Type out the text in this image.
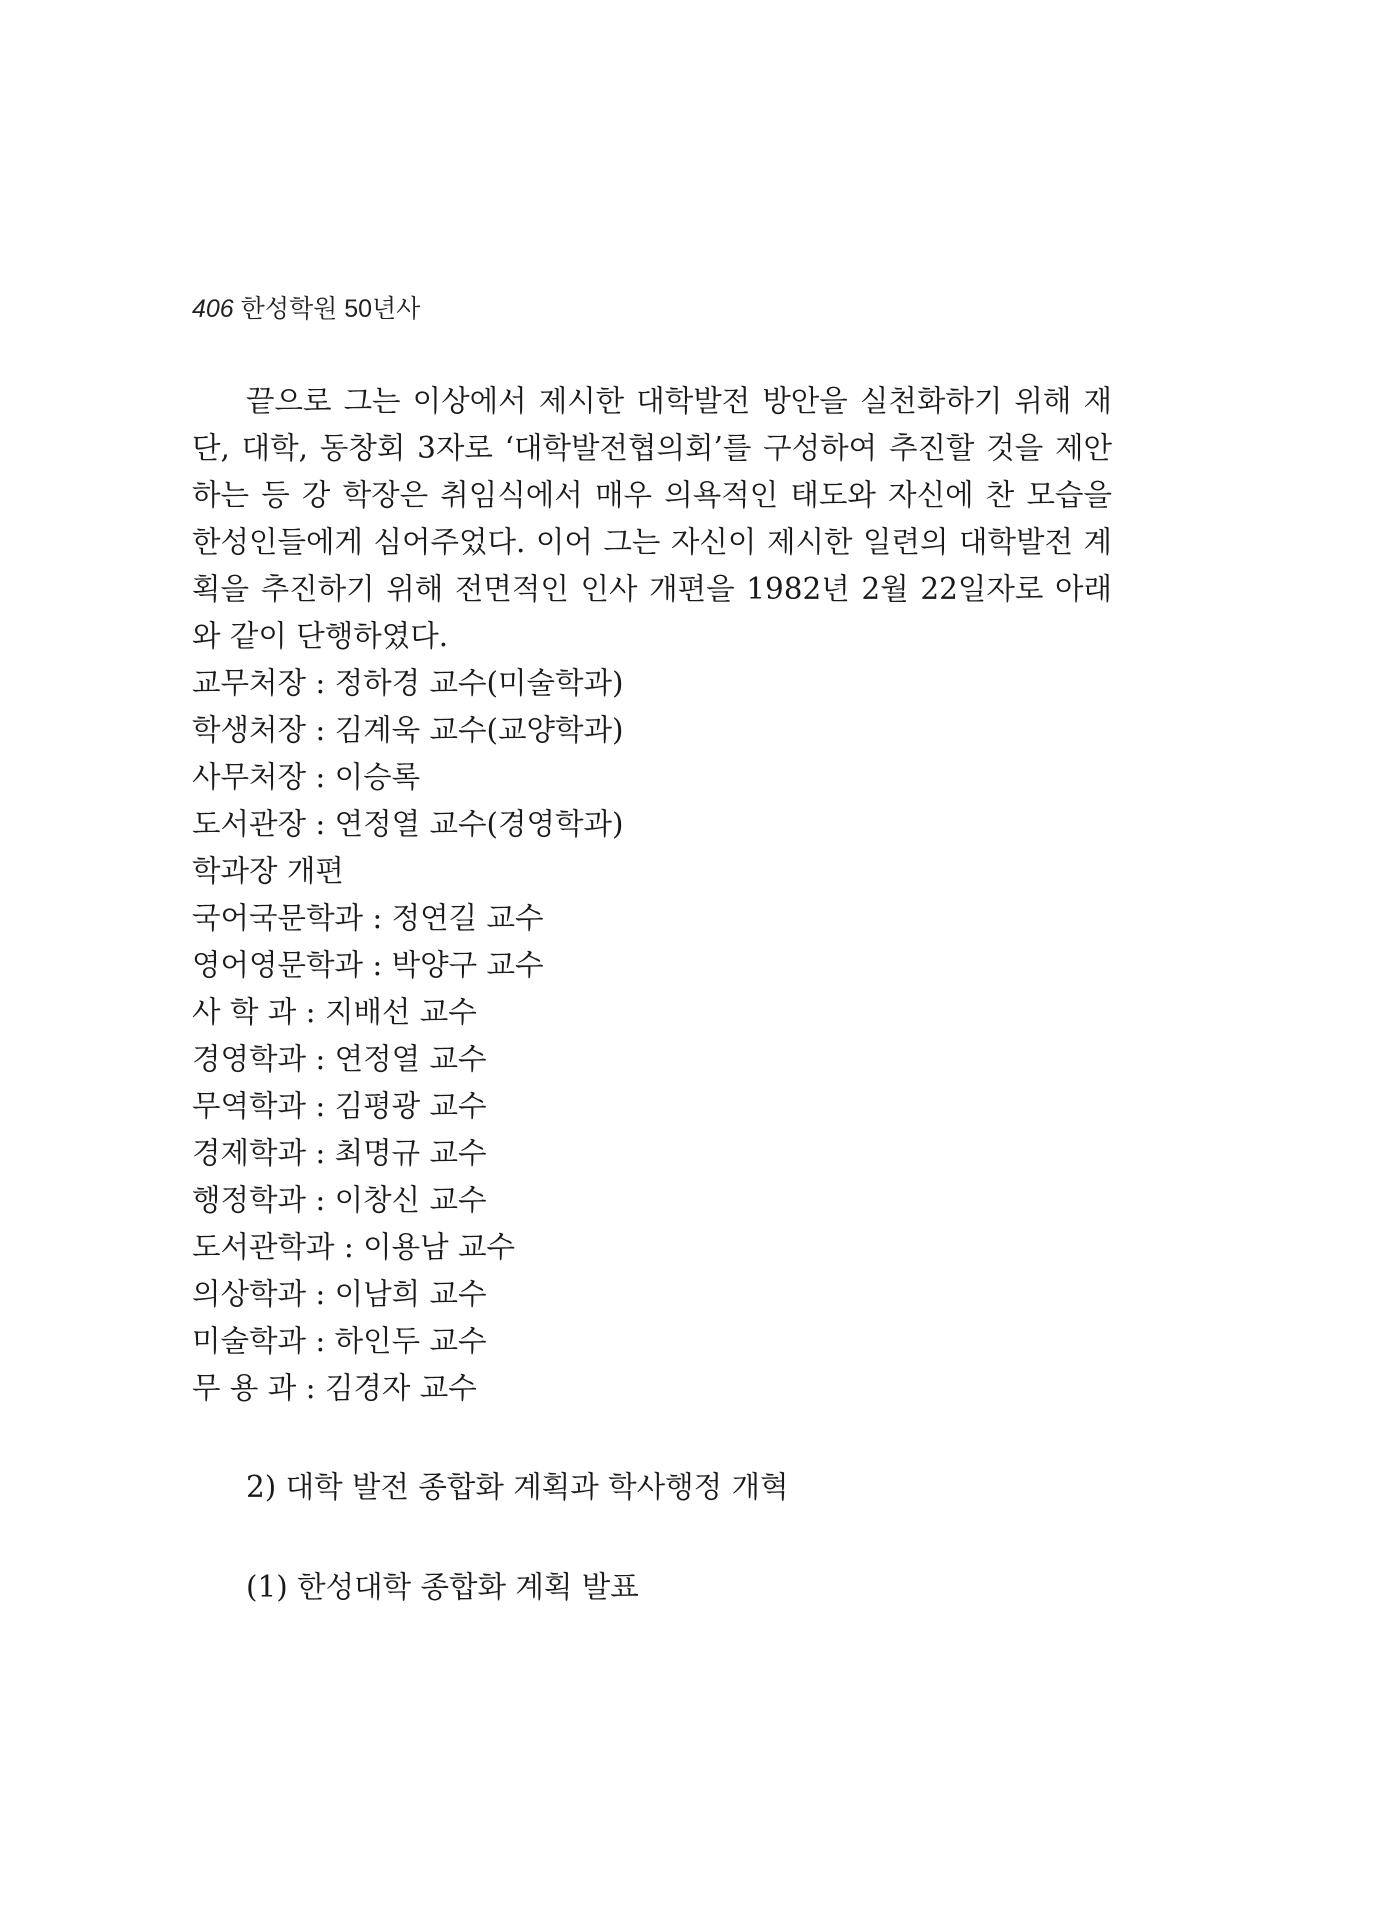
406 한성학원 50년사

끝으로 그는 이상에서 제시한 대학발전 방안을 실천화하기 위해 재단, 대학, 동창회 3자로 ‘대학발전협의회’를 구성하여 추진할 것을 제안하는 등 강 학장은 취임식에서 매우 의욕적인 태도와 자신에 찬 모습을 한성인들에게 심어주었다. 이어 그는 자신이 제시한 일련의 대학발전 계획을 추진하기 위해 전면적인 인사 개편을 1982년 2월 22일자로 아래와 같이 단행하였다.

교무처장 : 정하경 교수(미술학과)
학생처장 : 김계욱 교수(교양학과)
사무처장 : 이승록
도서관장 : 연정열 교수(경영학과)
학과장 개편
국어국문학과 : 정연길 교수
영어영문학과 : 박양구 교수
사 학 과 : 지배선 교수
경영학과 : 연정열 교수
무역학과 : 김평광 교수
경제학과 : 최명규 교수
행정학과 : 이창신 교수
도서관학과 : 이용남 교수
의상학과 : 이남희 교수
미술학과 : 하인두 교수
무 용 과 : 김경자 교수
2) 대학 발전 종합화 계획과 학사행정 개혁
(1) 한성대학 종합화 계획 발표
